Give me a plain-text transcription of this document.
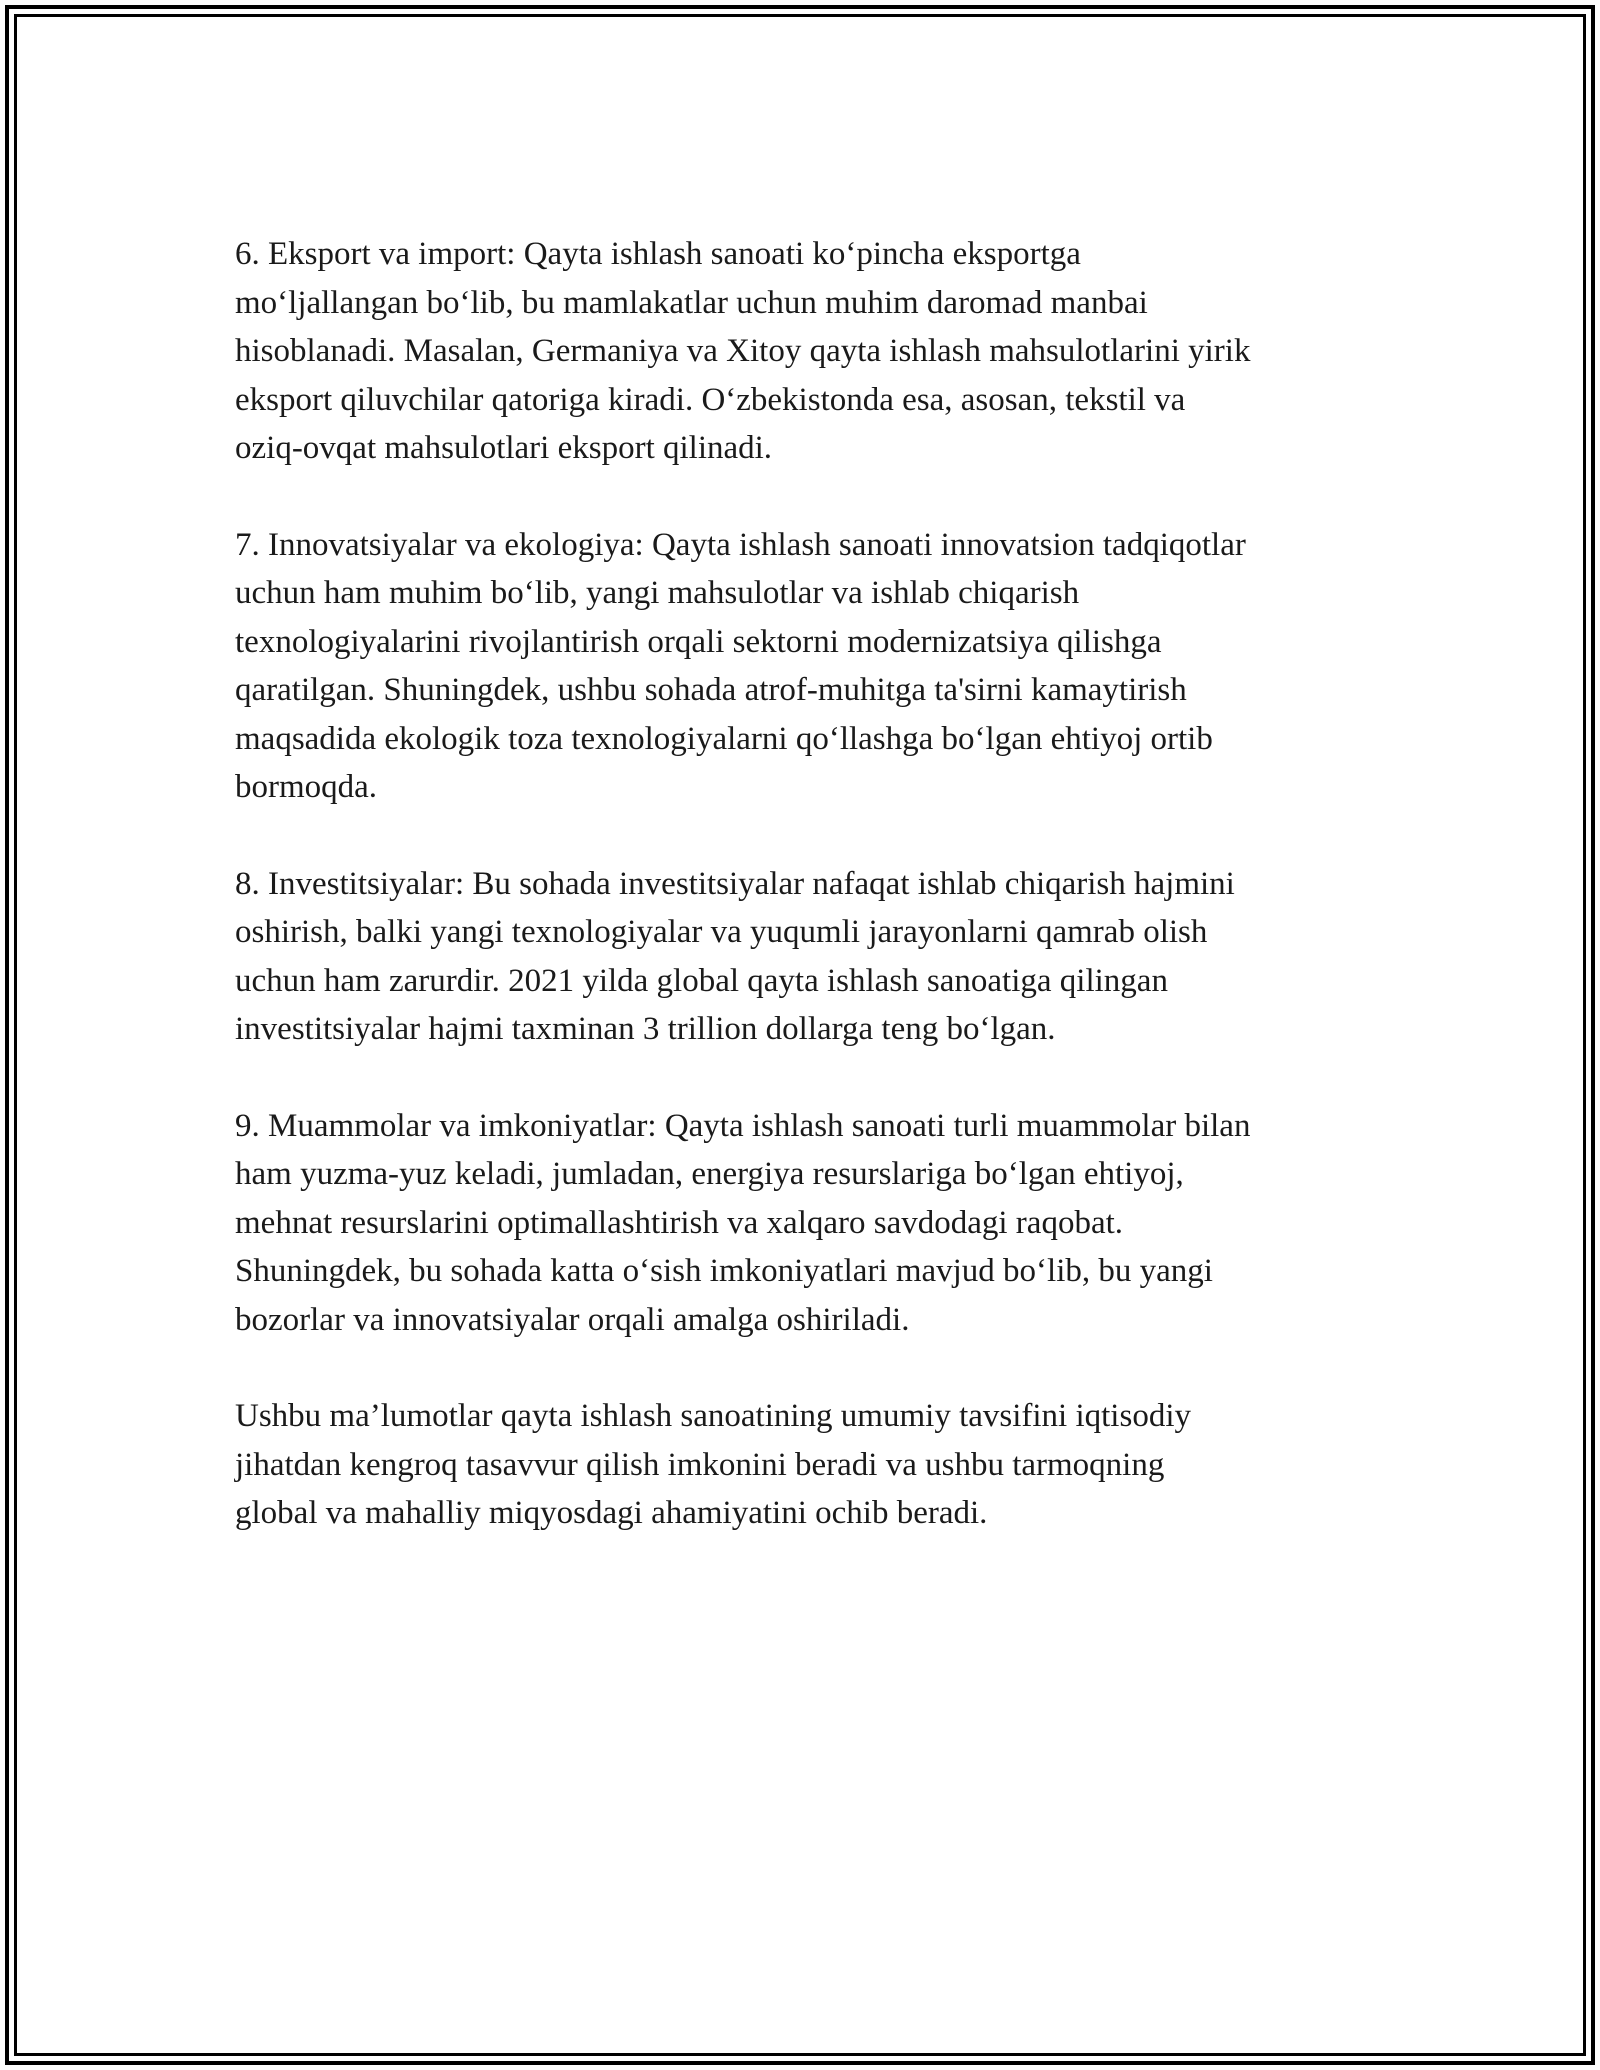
6. Eksport va import: Qayta ishlash sanoati ko‘pincha eksportga
mo‘ljallangan bo‘lib, bu mamlakatlar uchun muhim daromad manbai
hisoblanadi. Masalan, Germaniya va Xitoy qayta ishlash mahsulotlarini yirik
eksport qiluvchilar qatoriga kiradi. O‘zbekistonda esa, asosan, tekstil va
oziq-ovqat mahsulotlari eksport qilinadi.

7. Innovatsiyalar va ekologiya: Qayta ishlash sanoati innovatsion tadqiqotlar
uchun ham muhim bo‘lib, yangi mahsulotlar va ishlab chiqarish
texnologiyalarini rivojlantirish orqali sektorni modernizatsiya qilishga
qaratilgan. Shuningdek, ushbu sohada atrof-muhitga ta'sirni kamaytirish
maqsadida ekologik toza texnologiyalarni qo‘llashga bo‘lgan ehtiyoj ortib
bormoqda.

8. Investitsiyalar: Bu sohada investitsiyalar nafaqat ishlab chiqarish hajmini
oshirish, balki yangi texnologiyalar va yuqumli jarayonlarni qamrab olish
uchun ham zarurdir. 2021 yilda global qayta ishlash sanoatiga qilingan
investitsiyalar hajmi taxminan 3 trillion dollarga teng bo‘lgan.

9. Muammolar va imkoniyatlar: Qayta ishlash sanoati turli muammolar bilan
ham yuzma-yuz keladi, jumladan, energiya resurslariga bo‘lgan ehtiyoj,
mehnat resurslarini optimallashtirish va xalqaro savdodagi raqobat.
Shuningdek, bu sohada katta o‘sish imkoniyatlari mavjud bo‘lib, bu yangi
bozorlar va innovatsiyalar orqali amalga oshiriladi.

Ushbu ma’lumotlar qayta ishlash sanoatining umumiy tavsifini iqtisodiy
jihatdan kengroq tasavvur qilish imkonini beradi va ushbu tarmoqning
global va mahalliy miqyosdagi ahamiyatini ochib beradi.
